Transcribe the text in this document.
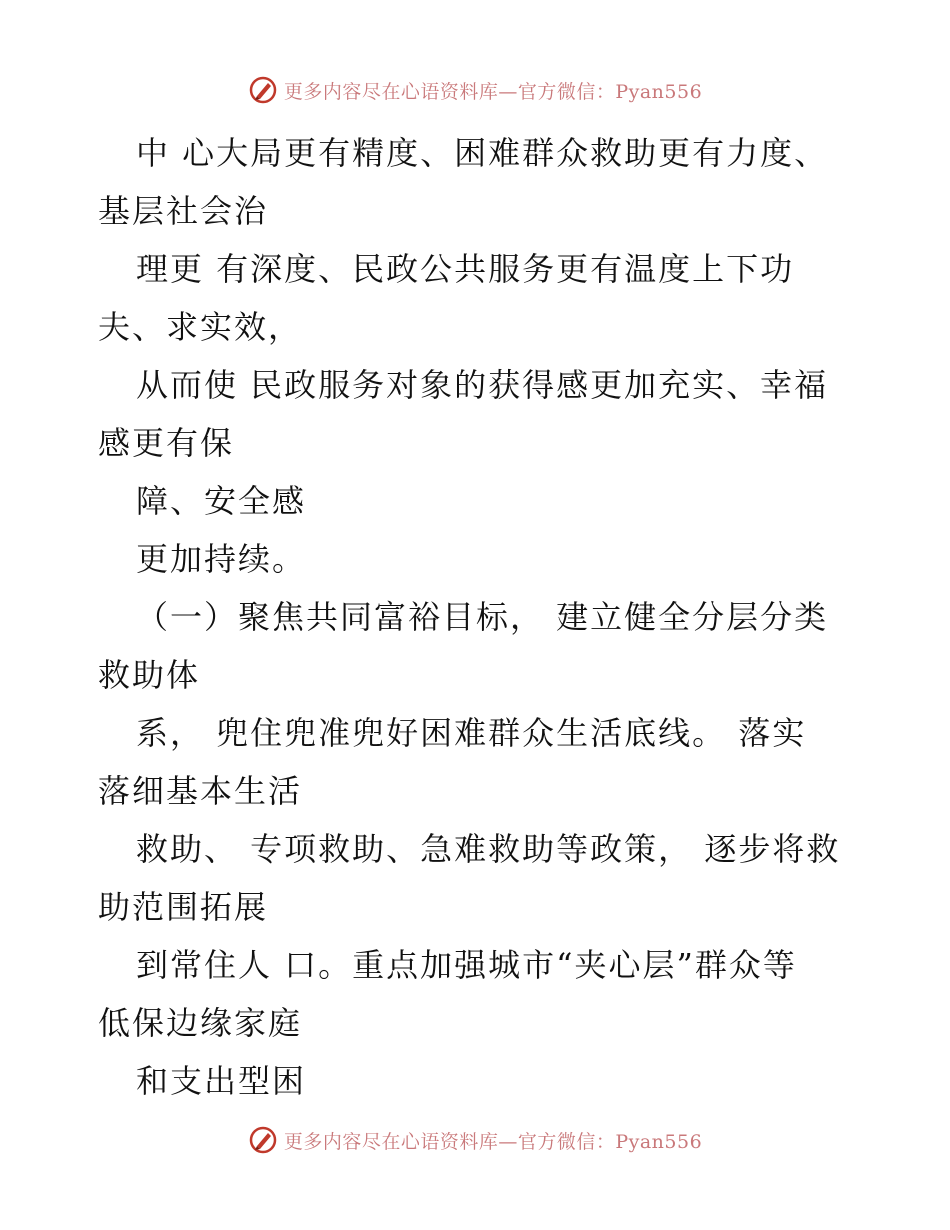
更多内容尽在心语资料库—官方微信：Pyan556

中 心大局更有精度、困难群众救助更有力度、

基层社会治

理更 有深度、民政公共服务更有温度上下功

夫、求实效，

从而使 民政服务对象的获得感更加充实、幸福

感更有保

障、安全感

更加持续。

（一）聚焦共同富裕目标， 建立健全分层分类

救助体

系， 兜住兜准兜好困难群众生活底线。 落实

落细基本生活

救助、 专项救助、急难救助等政策， 逐步将救

助范围拓展

到常住人 口。重点加强城市“夹心层”群众等

低保边缘家庭

和支出型困

更多内容尽在心语资料库—官方微信：Pyan556
